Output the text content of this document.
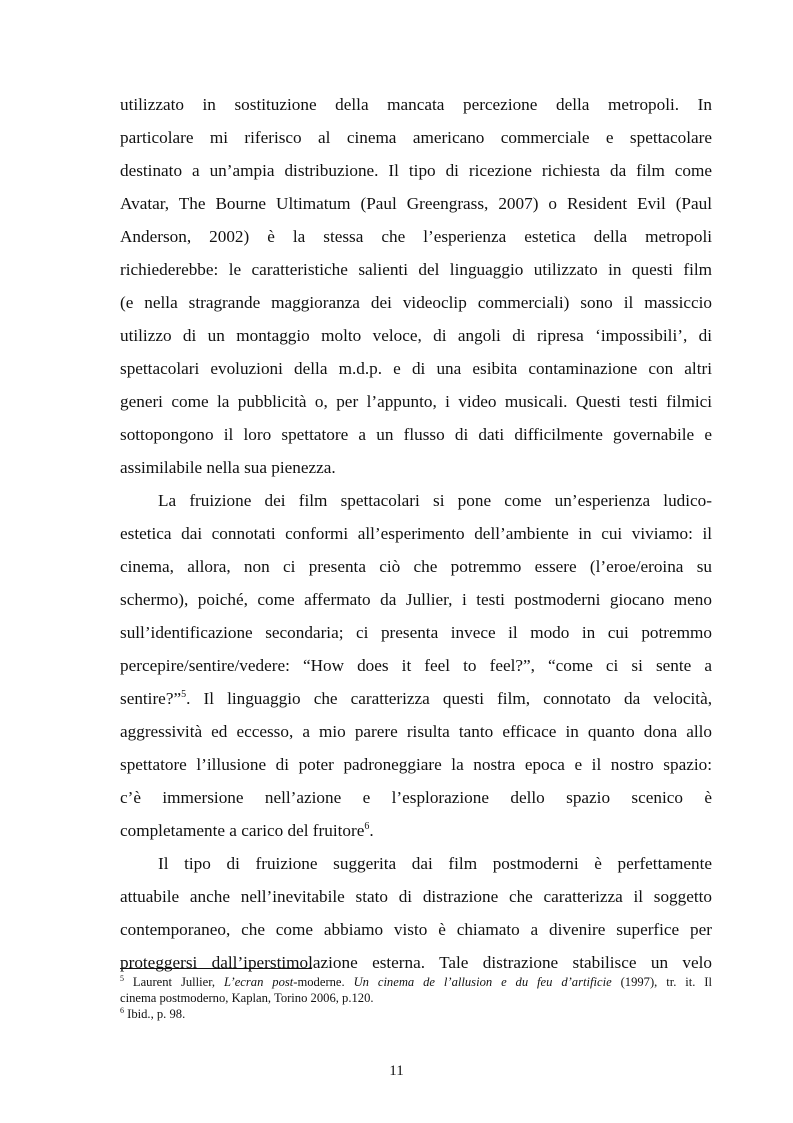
utilizzato in sostituzione della mancata percezione della metropoli. In
particolare mi riferisco al cinema americano commerciale e spettacolare
destinato a un’ampia distribuzione. Il tipo di ricezione richiesta da film come
Avatar, The Bourne Ultimatum (Paul Greengrass, 2007) o Resident Evil (Paul
Anderson, 2002) è la stessa che l’esperienza estetica della metropoli
richiederebbe: le caratteristiche salienti del linguaggio utilizzato in questi film
(e nella stragrande maggioranza dei videoclip commerciali) sono il massiccio
utilizzo di un montaggio molto veloce, di angoli di ripresa ‘impossibili’, di
spettacolari evoluzioni della m.d.p. e di una esibita contaminazione con altri
generi come la pubblicità o, per l’appunto, i video musicali. Questi testi filmici
sottopongono il loro spettatore a un flusso di dati difficilmente governabile e
assimilabile nella sua pienezza.
La fruizione dei film spettacolari si pone come un’esperienza ludico-
estetica dai connotati conformi all’esperimento dell’ambiente in cui viviamo: il
cinema, allora, non ci presenta ciò che potremmo essere (l’eroe/eroina su
schermo), poiché, come affermato da Jullier, i testi postmoderni giocano meno
sull’identificazione secondaria; ci presenta invece il modo in cui potremmo
percepire/sentire/vedere: “How does it feel to feel?”, “come ci si sente a
sentire?”$^5$. Il linguaggio che caratterizza questi film, connotato da velocità,
aggressività ed eccesso, a mio parere risulta tanto efficace in quanto dona allo
spettatore l’illusione di poter padroneggiare la nostra epoca e il nostro spazio:
c’è immersione nell’azione e l’esplorazione dello spazio scenico è
completamente a carico del fruitore$^6$.
Il tipo di fruizione suggerita dai film postmoderni è perfettamente
attuabile anche nell’inevitabile stato di distrazione che caratterizza il soggetto
contemporaneo, che come abbiamo visto è chiamato a divenire superfice per
proteggersi dall’iperstimolazione esterna. Tale distrazione stabilisce un velo
$^5$ Laurent Jullier, L’ecran post-moderne. Un cinema de l’allusion e du feu d’artificie (1997), tr. it. Il
cinema postmoderno, Kaplan, Torino 2006, p.120.
$^6$ Ibid., p. 98.
11
